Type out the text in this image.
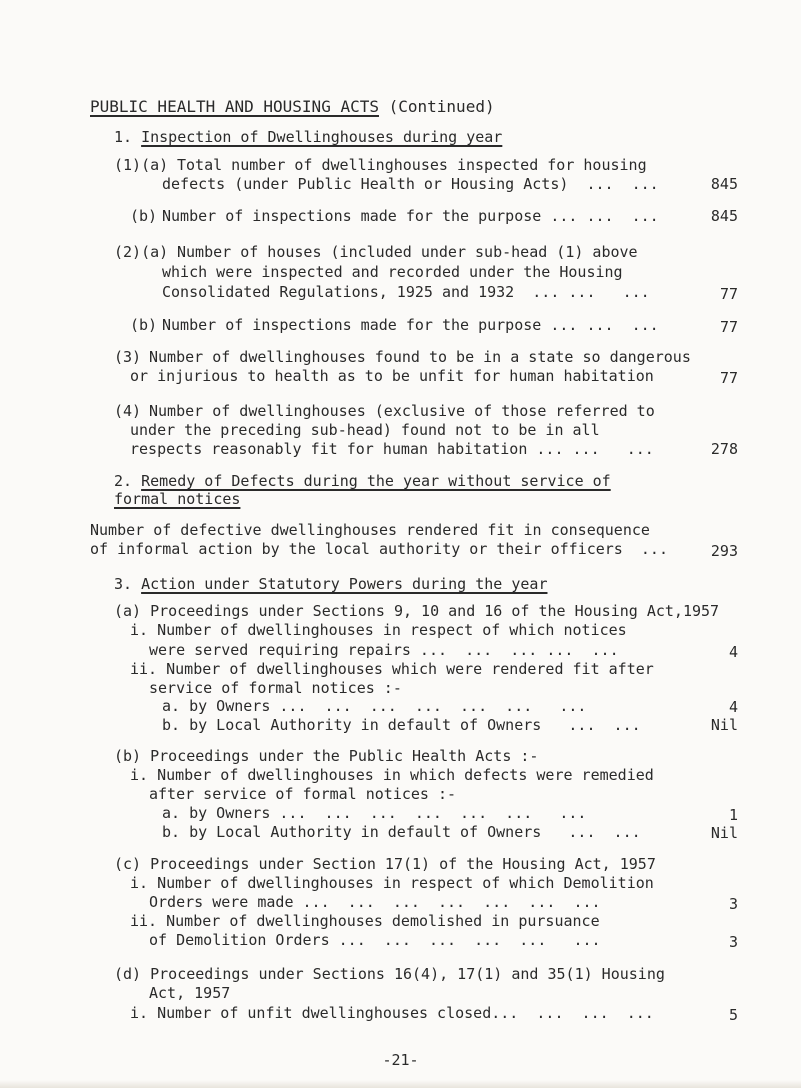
PUBLIC HEALTH AND HOUSING ACTS (Continued)
1. Inspection of Dwellinghouses during year
(1)(a) Total number of dwellinghouses inspected for housing
defects (under Public Health or Housing Acts)  ...  ...	845
(b) Number of inspections made for the purpose ... ...  ...	845
(2)(a) Number of houses (included under sub-head (1) above
which were inspected and recorded under the Housing
Consolidated Regulations, 1925 and 1932  ... ...   ...	77
(b) Number of inspections made for the purpose ... ...  ...	77
(3) Number of dwellinghouses found to be in a state so dangerous
or injurious to health as to be unfit for human habitation	77
(4) Number of dwellinghouses (exclusive of those referred to
under the preceding sub-head) found not to be in all
respects reasonably fit for human habitation ... ...   ...	278
2. Remedy of Defects during the year without service of
formal notices
Number of defective dwellinghouses rendered fit in consequence
of informal action by the local authority or their officers  ...	293
3. Action under Statutory Powers during the year
(a) Proceedings under Sections 9, 10 and 16 of the Housing Act,1957
i. Number of dwellinghouses in respect of which notices
were served requiring repairs ...  ...  ... ...  ...	4
ii. Number of dwellinghouses which were rendered fit after
service of formal notices :-
a. by Owners ...  ...  ...  ...  ...  ...   ...	4
b. by Local Authority in default of Owners   ...  ...	Nil
(b) Proceedings under the Public Health Acts :-
i. Number of dwellinghouses in which defects were remedied
after service of formal notices :-
a. by Owners ...  ...  ...  ...  ...  ...   ...	1
b. by Local Authority in default of Owners   ...  ...	Nil
(c) Proceedings under Section 17(1) of the Housing Act, 1957
i. Number of dwellinghouses in respect of which Demolition
Orders were made ...  ...  ...  ...  ...  ...  ...	3
ii. Number of dwellinghouses demolished in pursuance
of Demolition Orders ...  ...  ...  ...  ...   ...	3
(d) Proceedings under Sections 16(4), 17(1) and 35(1) Housing
Act, 1957
i. Number of unfit dwellinghouses closed...  ...  ...  ...	5
-21-
